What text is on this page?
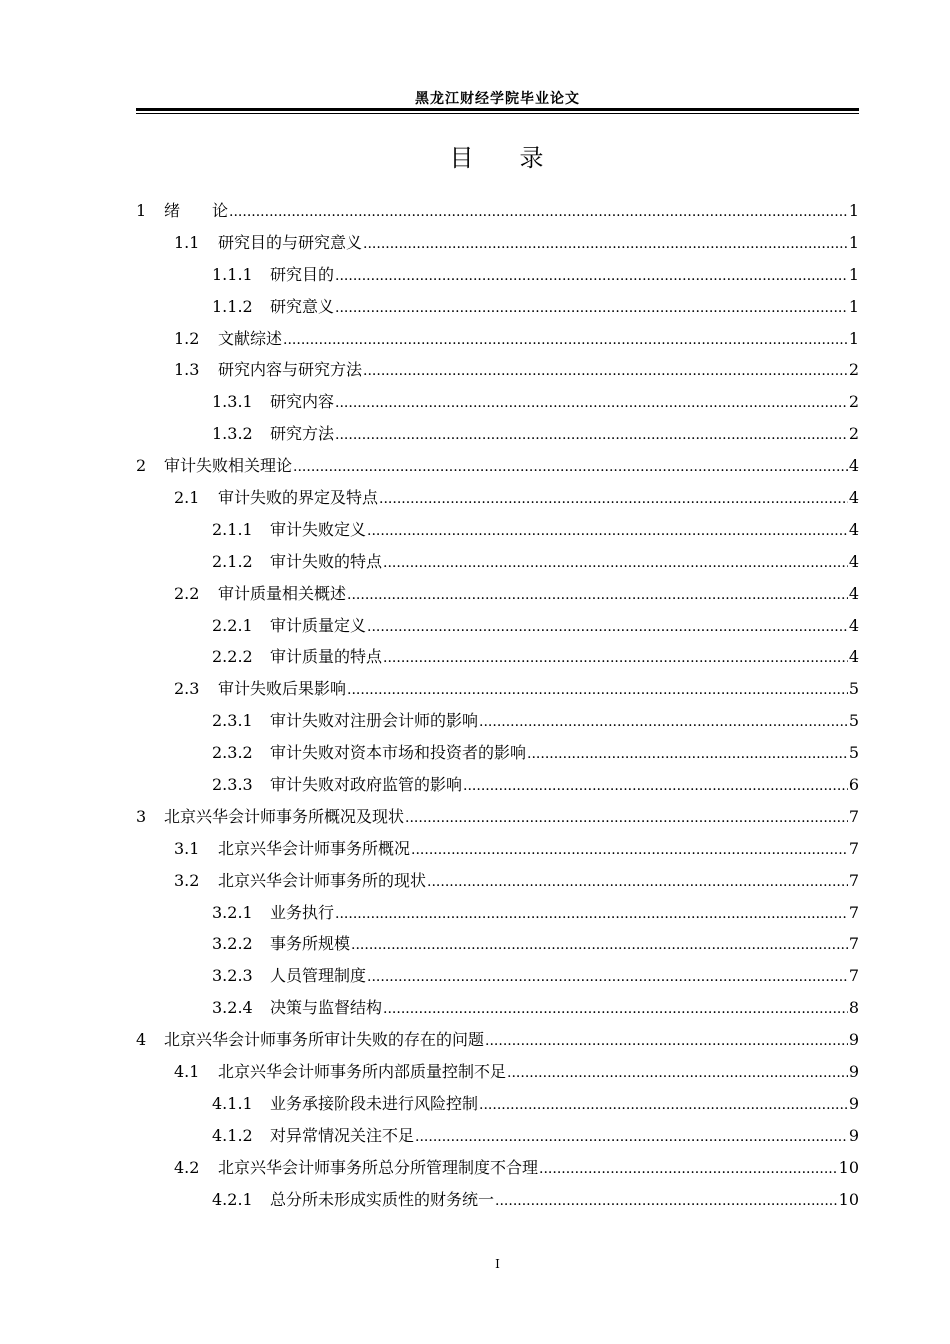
黑龙江财经学院毕业论文
目 录
1	绪　　论 .....	1
1.1	研究目的与研究意义 .....	1
1.1.1	研究目的 .....	1
1.1.2	研究意义 .....	1
1.2	文献综述 .....	1
1.3	研究内容与研究方法 .....	2
1.3.1	研究内容 .....	2
1.3.2	研究方法 .....	2
2	审计失败相关理论 .....	4
2.1	审计失败的界定及特点 .....	4
2.1.1	审计失败定义 .....	4
2.1.2	审计失败的特点 .....	4
2.2	审计质量相关概述 .....	4
2.2.1	审计质量定义 .....	4
2.2.2	审计质量的特点 .....	4
2.3	审计失败后果影响 .....	5
2.3.1	审计失败对注册会计师的影响 .....	5
2.3.2	审计失败对资本市场和投资者的影响 .....	5
2.3.3	审计失败对政府监管的影响 .....	6
3	北京兴华会计师事务所概况及现状 .....	7
3.1	北京兴华会计师事务所概况 .....	7
3.2	北京兴华会计师事务所的现状 .....	7
3.2.1	业务执行 .....	7
3.2.2	事务所规模 .....	7
3.2.3	人员管理制度 .....	7
3.2.4	决策与监督结构 .....	8
4	北京兴华会计师事务所审计失败的存在的问题 .....	9
4.1	北京兴华会计师事务所内部质量控制不足 .....	9
4.1.1	业务承接阶段未进行风险控制 .....	9
4.1.2	对异常情况关注不足 .....	9
4.2	北京兴华会计师事务所总分所管理制度不合理 .....	10
4.2.1	总分所未形成实质性的财务统一 .....	10
I
